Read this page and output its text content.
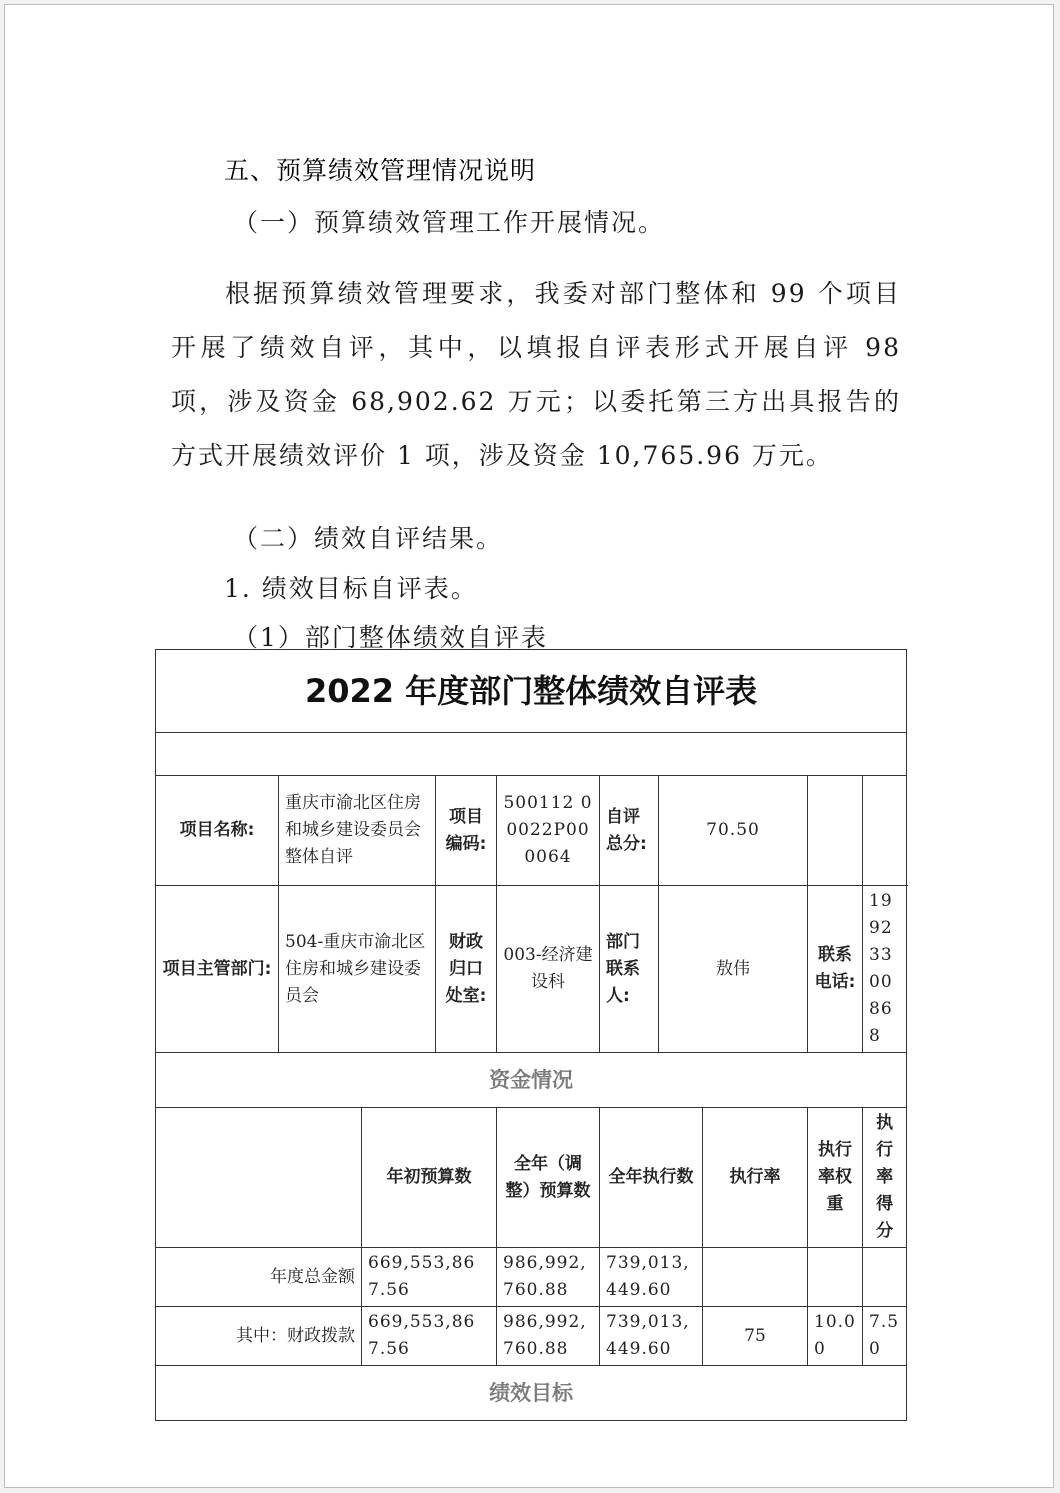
五、预算绩效管理情况说明
（一）预算绩效管理工作开展情况。
根据预算绩效管理要求，我委对部门整体和 99 个项目开展了绩效自评，其中，以填报自评表形式开展自评 98 项，涉及资金 68,902.62 万元；以委托第三方出具报告的方式开展绩效评价 1 项，涉及资金 10,765.96 万元。
（二）绩效自评结果。
1. 绩效目标自评表。
（1）部门整体绩效自评表
2022 年度部门整体绩效自评表									

项目名称:	重庆市渝北区住房和城乡建设委员会整体自评		项目编码:	500112 00022P00 0064	自评总分:	70.50			
项目主管部门:	504-重庆市渝北区住房和城乡建设委员会		财政归口处室:	003-经济建设科	部门联系人:	敖伟		联系电话:	19923300 868
资金情况									
		年初预算数		全年（调整）预算数	全年执行数		执行率	执行率权重	执行率得分
年度总金额		669,553,867.56		986,992,760.88	739,013,449.60				
其中：财政拨款		669,553,867.56		986,992,760.88	739,013,449.60		75	10.00	7.50
绩效目标									
